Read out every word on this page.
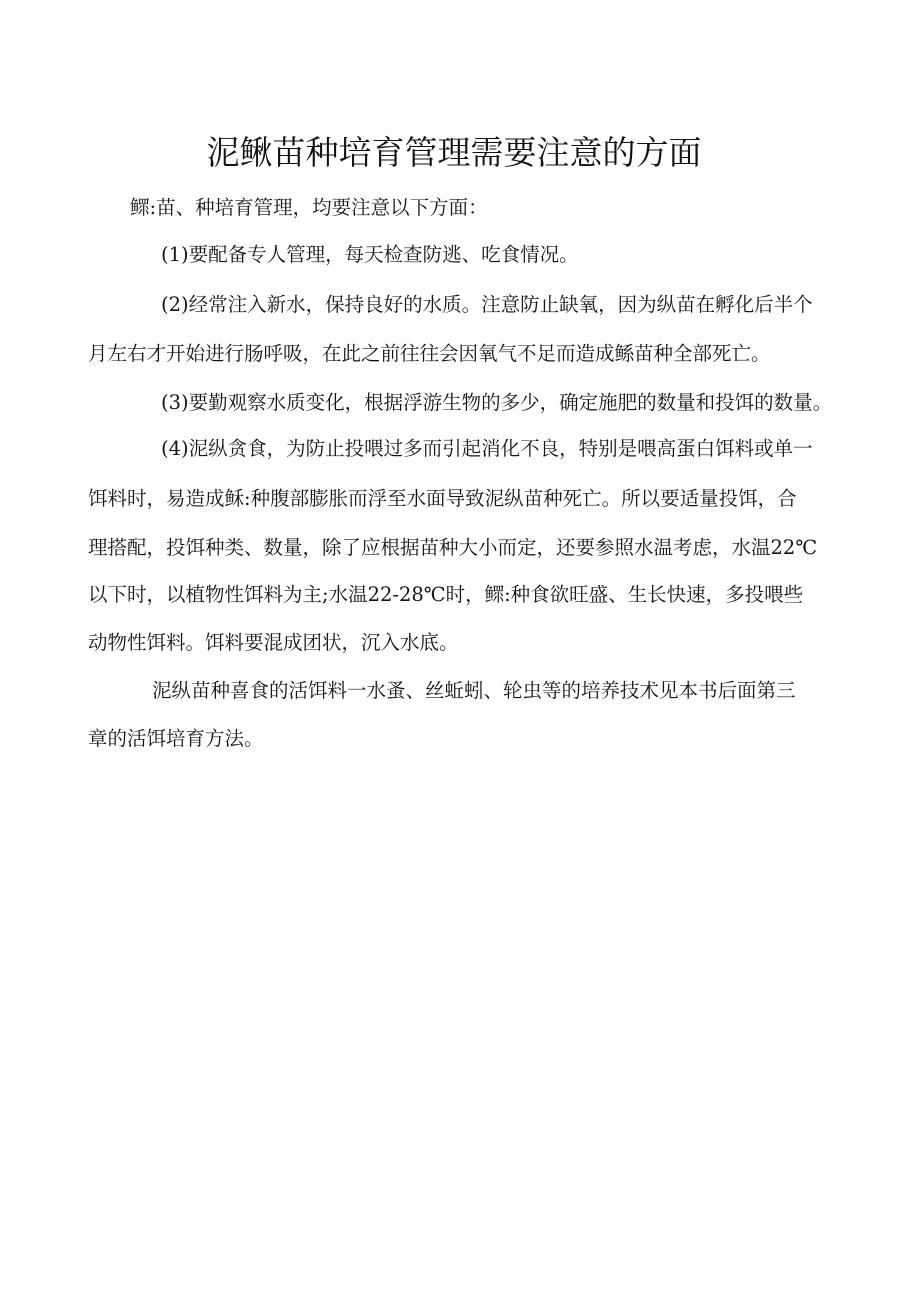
泥鳅苗种培育管理需要注意的方面
鳏:苗、种培育管理，均要注意以下方面：
(1)要配备专人管理，每天检查防逃、吃食情况。
(2)经常注入新水，保持良好的水质。注意防止缺氧，因为纵苗在孵化后半个
月左右才开始进行肠呼吸，在此之前往往会因氧气不足而造成鲧苗种全部死亡。
(3)要勤观察水质变化，根据浮游生物的多少，确定施肥的数量和投饵的数量。
(4)泥纵贪食，为防止投喂过多而引起消化不良，特别是喂高蛋白饵料或单一
饵料时，易造成稣:种腹部膨胀而浮至水面导致泥纵苗种死亡。所以要适量投饵，合
理搭配，投饵种类、数量，除了应根据苗种大小而定，还要参照水温考虑，水温22℃
以下时，以植物性饵料为主;水温22-28℃时，鳏:种食欲旺盛、生长快速，多投喂些
动物性饵料。饵料要混成团状，沉入水底。
泥纵苗种喜食的活饵料一水蚤、丝蚯蚓、轮虫等的培养技术见本书后面第三
章的活饵培育方法。
